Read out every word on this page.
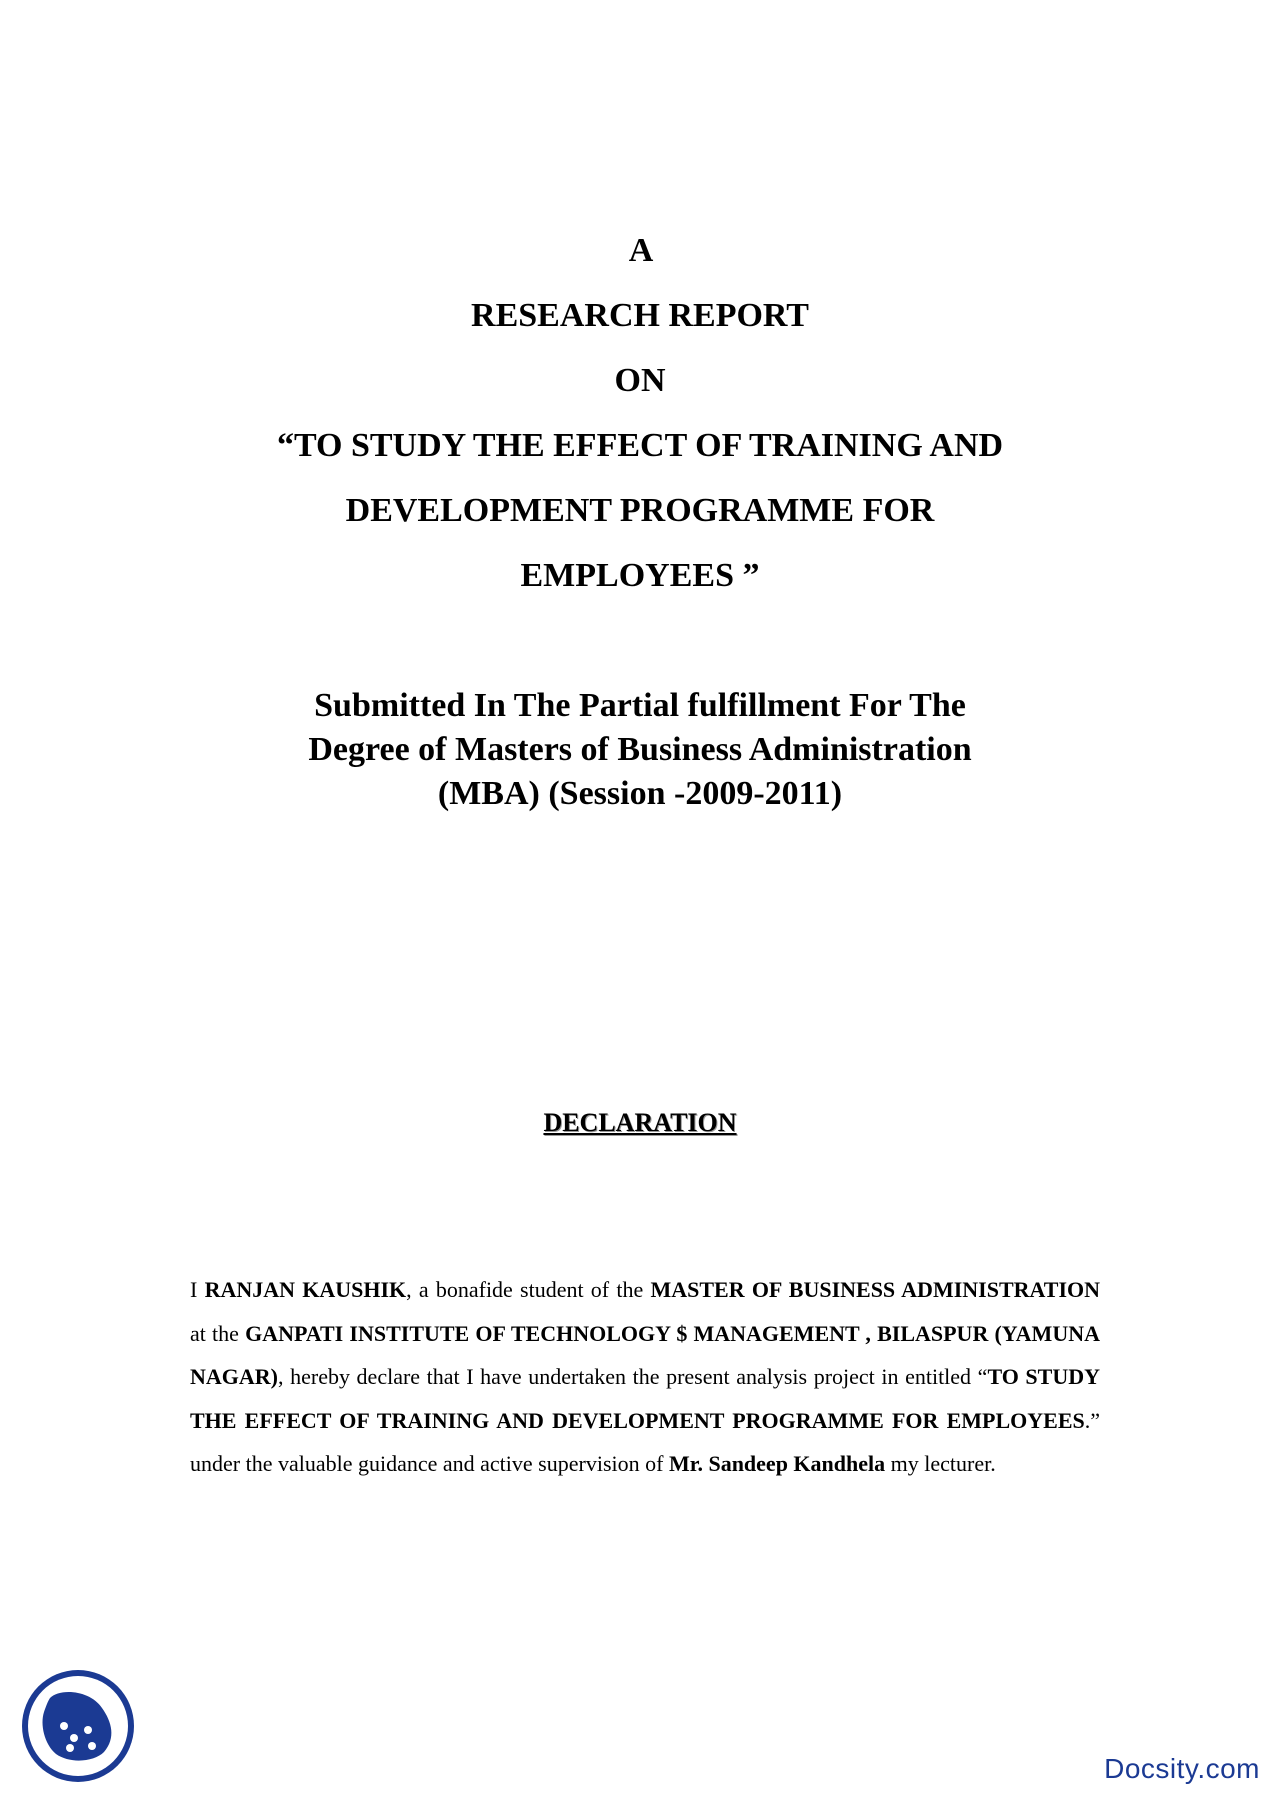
A
RESEARCH REPORT
ON
“TO STUDY THE EFFECT OF TRAINING AND
DEVELOPMENT PROGRAMME FOR
EMPLOYEES ”
Submitted In The Partial fulfillment For The
Degree of Masters of Business Administration
(MBA) (Session -2009-2011)
DECLARATION

I RANJAN KAUSHIK, a bonafide student of the MASTER OF BUSINESS ADMINISTRATION at the GANPATI INSTITUTE OF TECHNOLOGY $ MANAGEMENT , BILASPUR (YAMUNA NAGAR), hereby declare that I have undertaken the present analysis project in entitled “TO STUDY THE EFFECT OF TRAINING AND DEVELOPMENT PROGRAMME FOR EMPLOYEES.” under the valuable guidance and active supervision of Mr. Sandeep Kandhela my lecturer.

Docsity.com
